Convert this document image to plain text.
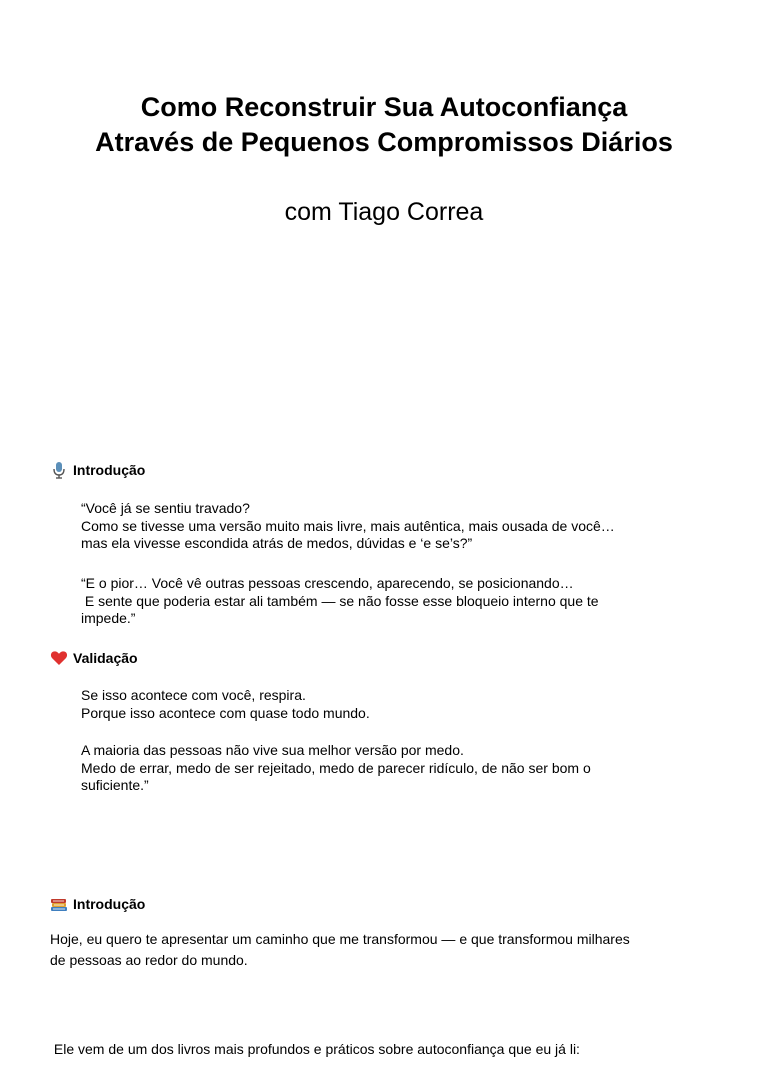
Como Reconstruir Sua Autoconfiança
Através de Pequenos Compromissos Diários
com Tiago Correa
Introdução
“Você já se sentiu travado?
Como se tivesse uma versão muito mais livre, mais autêntica, mais ousada de você…
mas ela vivesse escondida atrás de medos, dúvidas e ‘e se’s?”
“E o pior… Você vê outras pessoas crescendo, aparecendo, se posicionando…
E sente que poderia estar ali também — se não fosse esse bloqueio interno que te
impede.”
Validação
Se isso acontece com você, respira.
Porque isso acontece com quase todo mundo.
A maioria das pessoas não vive sua melhor versão por medo.
Medo de errar, medo de ser rejeitado, medo de parecer ridículo, de não ser bom o
suficiente.”
Introdução
Hoje, eu quero te apresentar um caminho que me transformou — e que transformou milhares
de pessoas ao redor do mundo.

Ele vem de um dos livros mais profundos e práticos sobre autoconfiança que eu já li:
